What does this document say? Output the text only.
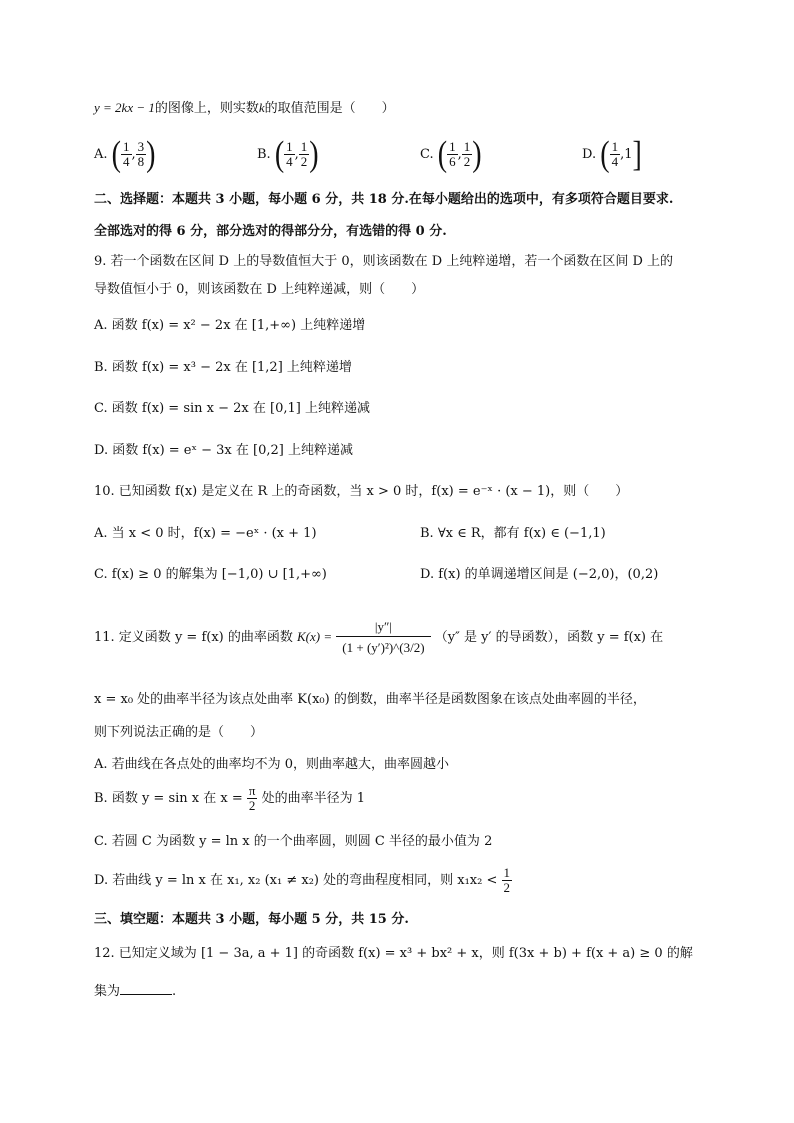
y = 2kx − 1的图像上，则实数k的取值范围是（　　）
A. ( $\frac{1}{4}$ , $\frac{3}{8}$ )	B. ( $\frac{1}{4}$ , $\frac{1}{2}$ )	C. ( $\frac{1}{6}$ , $\frac{1}{2}$ )	D. ( $\frac{1}{4} ,1$]
二、选择题：本题共 3 小题，每小题 6 分，共 18 分.在每小题给出的选项中，有多项符合题目要求.
全部选对的得 6 分，部分选对的得部分分，有选错的得 0 分.
9. 若一个函数在区间 D 上的导数值恒大于 0，则该函数在 D 上纯粹递增，若一个函数在区间 D 上的
导数值恒小于 0，则该函数在 D 上纯粹递减，则（　　）
A. 函数 f(x) = x² − 2x 在 [1,+∞) 上纯粹递增
B. 函数 f(x) = x³ − 2x 在 [1,2] 上纯粹递增
C. 函数 f(x) = sin x − 2x 在 [0,1] 上纯粹递减
D. 函数 f(x) = eˣ − 3x 在 [0,2] 上纯粹递减
10. 已知函数 f(x) 是定义在 R 上的奇函数，当 x > 0 时，f(x) = e⁻ˣ · (x − 1)，则（　　）
A. 当 x < 0 时，f(x) = −eˣ · (x + 1)	B. ∀x ∈ R，都有 f(x) ∈ (−1,1)
C. f(x) ≥ 0 的解集为 [−1,0) ∪ [1,+∞)	D. f(x) 的单调递增区间是 (−2,0)，(0,2)
11. 定义函数 y = f(x) 的曲率函数 $K(x) = \frac{|y''|}{\text{(1 + (y′)²)\textasciicircum{}(3/2)}} (y''$ 是 y′ 的导函数），函数 y = f(x) 在
x = x₀ 处的曲率半径为该点处曲率 K(x₀) 的倒数，曲率半径是函数图象在该点处曲率圆的半径，
则下列说法正确的是（　　）
A. 若曲线在各点处的曲率均不为 0，则曲率越大，曲率圆越小
B. 函数 y = sin x 在 $x = \frac{\pi}{2}$ 处的曲率半径为 1
C. 若圆 C 为函数 y = ln x 的一个曲率圆，则圆 C 半径的最小值为 2
D. 若曲线 y = ln x 在 x₁, x₂ (x₁ ≠ x₂) 处的弯曲程度相同，则 $x_1x_2 < \frac{1}{2}$
三、填空题：本题共 3 小题，每小题 5 分，共 15 分.
12. 已知定义域为 [1 − 3a, a + 1] 的奇函数 f(x) = x³ + bx² + x，则 f(3x + b) + f(x + a) ≥ 0 的解
集为	.
